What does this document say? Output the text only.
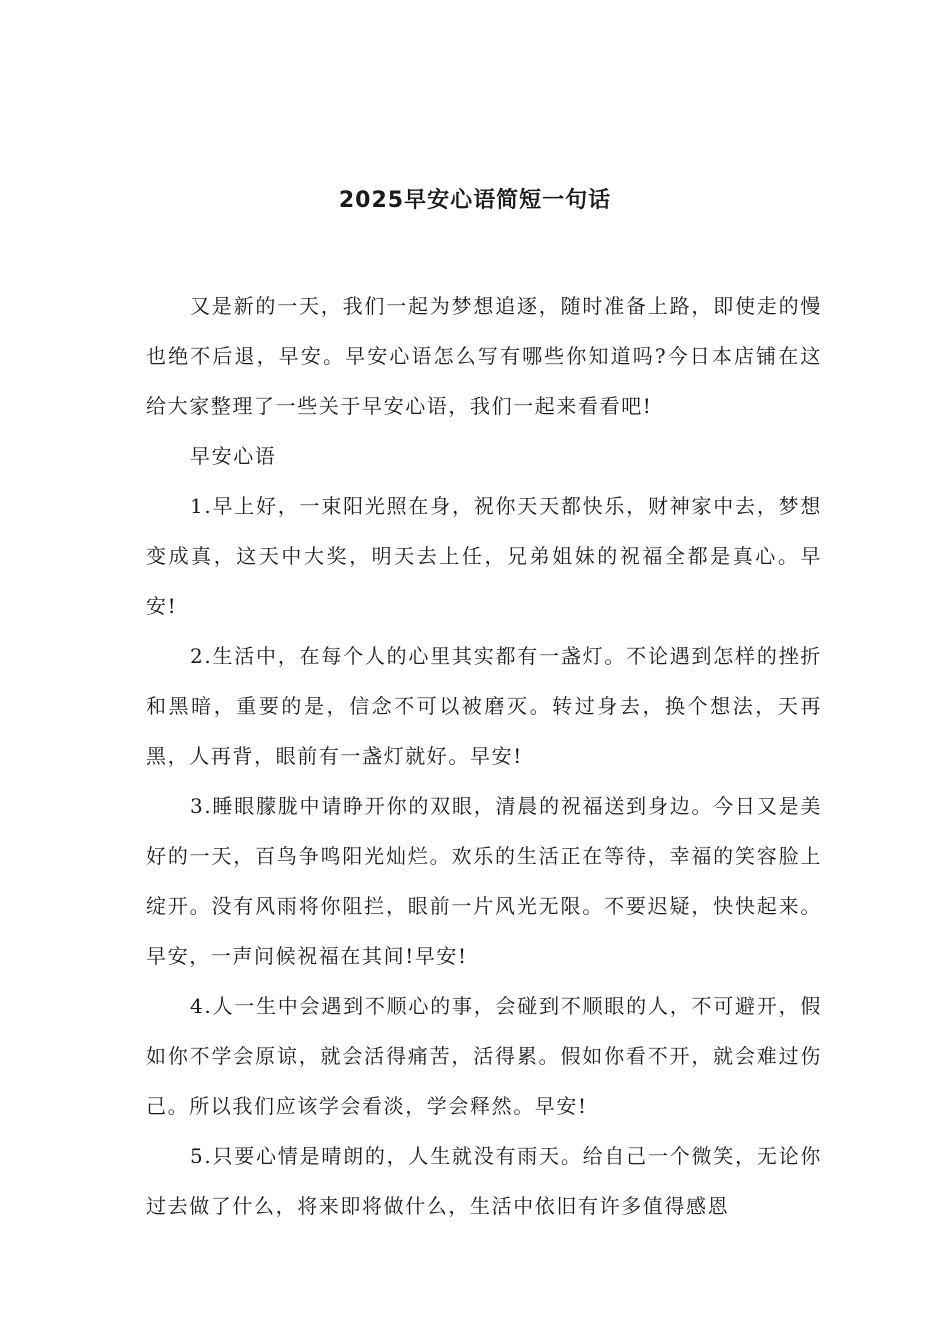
2025早安心语简短一句话

又是新的一天，我们一起为梦想追逐，随时准备上路，即使走的慢也绝不后退，早安。早安心语怎么写有哪些你知道吗?今日本店铺在这给大家整理了一些关于早安心语，我们一起来看看吧!

早安心语

1.早上好，一束阳光照在身，祝你天天都快乐，财神家中去，梦想变成真，这天中大奖，明天去上任，兄弟姐妹的祝福全都是真心。早安!

2.生活中，在每个人的心里其实都有一盏灯。不论遇到怎样的挫折和黑暗，重要的是，信念不可以被磨灭。转过身去，换个想法，天再黑，人再背，眼前有一盏灯就好。早安!

3.睡眼朦胧中请睁开你的双眼，清晨的祝福送到身边。今日又是美好的一天，百鸟争鸣阳光灿烂。欢乐的生活正在等待，幸福的笑容脸上绽开。没有风雨将你阻拦，眼前一片风光无限。不要迟疑，快快起来。早安，一声问候祝福在其间!早安!

4.人一生中会遇到不顺心的事，会碰到不顺眼的人，不可避开，假如你不学会原谅，就会活得痛苦，活得累。假如你看不开，就会难过伤己。所以我们应该学会看淡，学会释然。早安!

5.只要心情是晴朗的，人生就没有雨天。给自己一个微笑，无论你过去做了什么，将来即将做什么，生活中依旧有许多值得感恩
